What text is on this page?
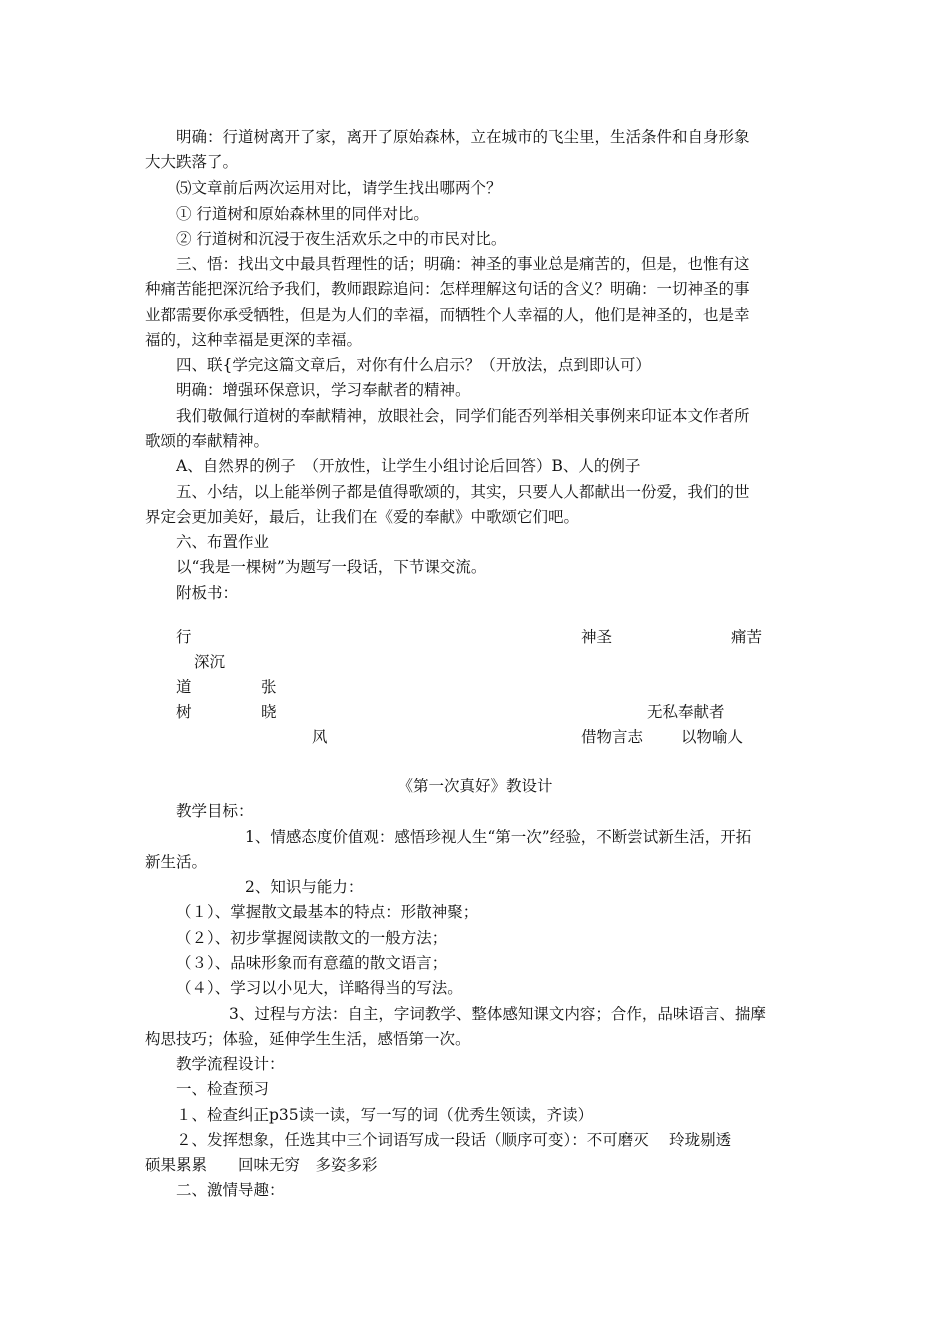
明确：行道树离开了家，离开了原始森林，立在城市的飞尘里，生活条件和自身形象
大大跌落了。
⑸文章前后两次运用对比，请学生找出哪两个？
① 行道树和原始森林里的同伴对比。
② 行道树和沉浸于夜生活欢乐之中的市民对比。
三、悟：找出文中最具哲理性的话；明确：神圣的事业总是痛苦的，但是，也惟有这
种痛苦能把深沉给予我们，教师跟踪追问：怎样理解这句话的含义？明确：一切神圣的事
业都需要你承受牺牲，但是为人们的幸福，而牺牲个人幸福的人，他们是神圣的，也是幸
福的，这种幸福是更深的幸福。
四、联{学完这篇文章后，对你有什么启示？（开放法，点到即认可）
明确：增强环保意识，学习奉献者的精神。
我们敬佩行道树的奉献精神，放眼社会，同学们能否列举相关事例来印证本文作者所
歌颂的奉献精神。
A、自然界的例子　（开放性，让学生小组讨论后回答）B、人的例子
五、小结，以上能举例子都是值得歌颂的，其实，只要人人都献出一份爱，我们的世
界定会更加美好，最后，让我们在《爱的奉献》中歌颂它们吧。
六、布置作业
以“我是一棵树”为题写一段话，下节课交流。
附板书：
行	神圣	痛苦
深沉
道	张
树	晓	无私奉献者
风	借物言志 以物喻人
《第一次真好》教设计
教学目标：
1、情感态度价值观：感悟珍视人生“第一次”经验，不断尝试新生活，开拓
新生活。
2、知识与能力：
（１）、掌握散文最基本的特点：形散神聚；
（２）、初步掌握阅读散文的一般方法；
（３）、品味形象而有意蕴的散文语言；
（４）、学习以小见大，详略得当的写法。
3、过程与方法：自主，字词教学、整体感知课文内容；合作，品味语言、揣摩
构思技巧；体验，延伸学生生活，感悟第一次。
教学流程设计：
一、检查预习
１、检查纠正p35读一读，写一写的词（优秀生领读，齐读）
２、发挥想象，任选其中三个词语写成一段话（顺序可变）：不可磨灭　 玲珑剔透
硕果累累　　回味无穷　多姿多彩
二、激情导趣：
